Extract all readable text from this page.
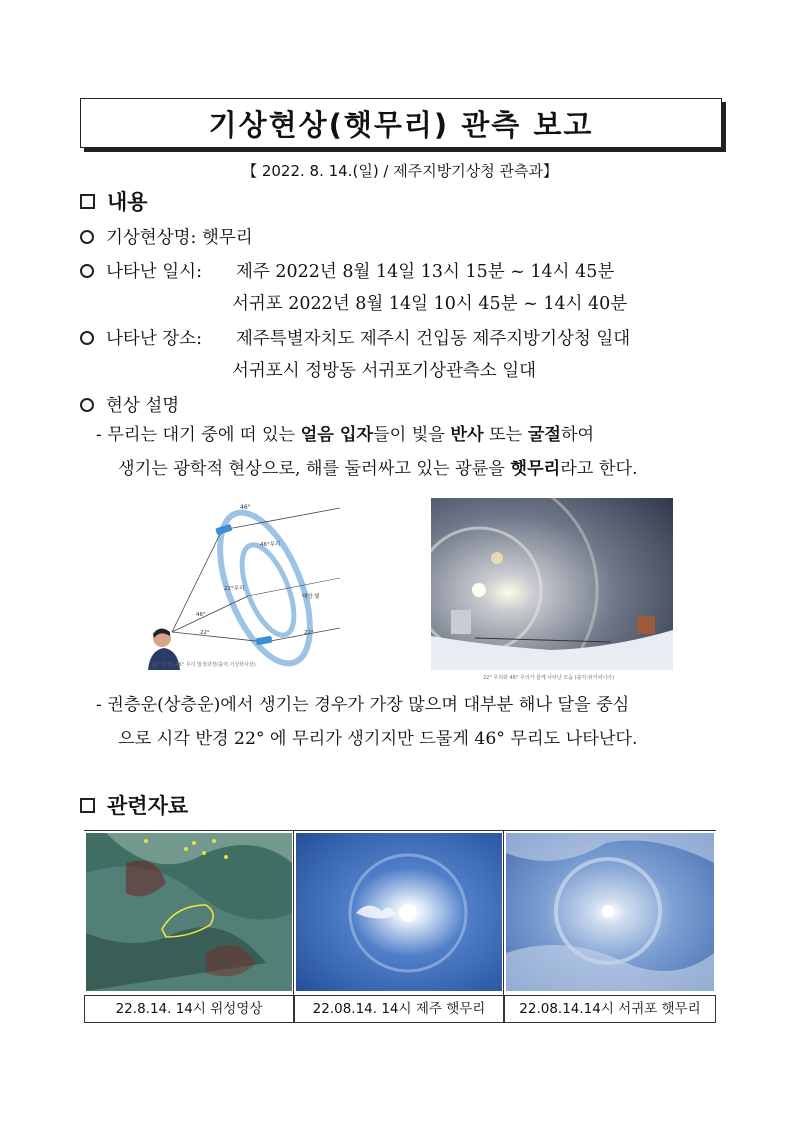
기상현상(햇무리) 관측 보고
【 2022. 8. 14.(일) / 제주지방기상청 관측과】
내용
기상현상명: 햇무리
나타난 일시: 제주 2022년 8월 14일 13시 15분 ~ 14시 45분
서귀포 2022년 8월 14일 10시 45분 ~ 14시 40분
나타난 장소: 제주특별자치도 제주시 건입동 제주지방기상청 일대
서귀포시 정방동 서귀포기상관측소 일대
현상 설명
- 무리는 대기 중에 떠 있는 얼음 입자들이 빛을 반사 또는 굴절하여
생기는 광학적 현상으로, 해를 둘러싸고 있는 광륜을 햇무리라고 한다.
46°
46°무리
22°무리
태양 빛
46°
22°	22°
22° 무리, 46° 무리 발생과정(출처:기상학사전)
22° 무리와 46° 무리가 함께 나타난 모습 (출처:위키피디아)
- 권층운(상층운)에서 생기는 경우가 가장 많으며 대부분 해나 달을 중심
으로 시각 반경 22° 에 무리가 생기지만 드물게 46° 무리도 나타난다.
관련자료
22.8.14. 14시 위성영상	22.08.14. 14시 제주 햇무리	22.08.14.14시 서귀포 햇무리
